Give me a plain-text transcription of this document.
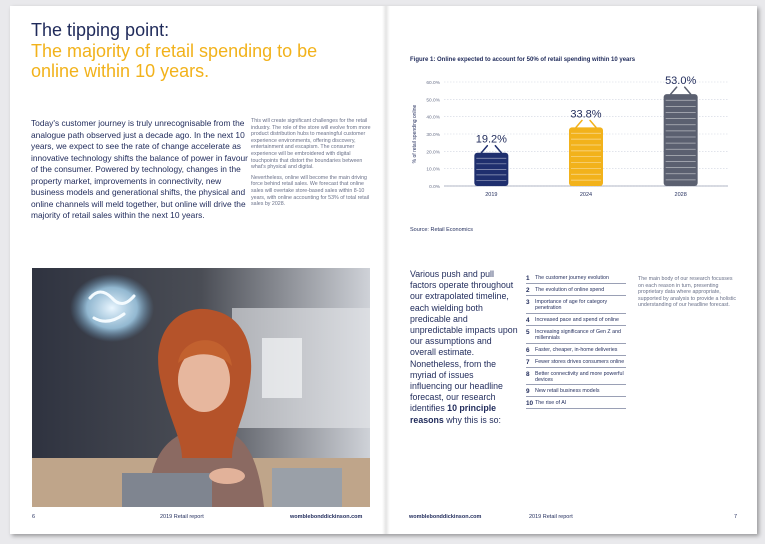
The tipping point:
The majority of retail spending to be online within 10 years.
Today's customer journey is truly unrecognisable from the analogue path observed just a decade ago. In the next 10 years, we expect to see the rate of change accelerate as innovative technology shifts the balance of power in favour of the consumer. Powered by technology, changes in the property market, improvements in connectivity, new business models and generational shifts, the physical and online channels will meld together, but online will drive the majority of retail sales within the next 10 years.

This will create significant challenges for the retail industry. The role of the store will evolve from more product distribution hubs to meaningful customer experience environments, offering discovery, entertainment and escapism. The consumer experience will be embroidered with digital touchpoints that distort the boundaries between what's physical and digital.

Nevertheless, online will become the main driving force behind retail sales. We forecast that online sales will overtake store-based sales within 8-10 years, with online accounting for 53% of total retail sales by 2028.

6	2019 Retail report	womblebonddickinson.com
Figure 1: Online expected to account for 50% of retail spending within 10 years
0.0%
10.0%
20.0%
30.0%
40.0%
50.0%
60.0%
% of retail spending online	19.2%
2019
33.8%
2024
53.0%
2028
Source: Retail Economics
Various push and pull factors operate throughout our extrapolated timeline, each wielding both predicable and unpredictable impacts upon our assumptions and overall estimate. Nonetheless, from the myriad of issues influencing our headline forecast, our research identifies 10 principle reasons why this is so:
1	The customer journey evolution
2	The evolution of online spend
3	Importance of age for category penetration
4	Increased pace and spend of online
5	Increasing significance of Gen Z and millennials
6	Faster, cheaper, in-home deliveries
7	Fewer stores drives consumers online
8	Better connectivity and more powerful devices
9	New retail business models
10 The rise of AI
The main body of our research focusses on each reason in turn, presenting proprietary data where appropriate, supported by analysis to provide a holistic understanding of our headline forecast.
womblebonddickinson.com	2019 Retail report	7
